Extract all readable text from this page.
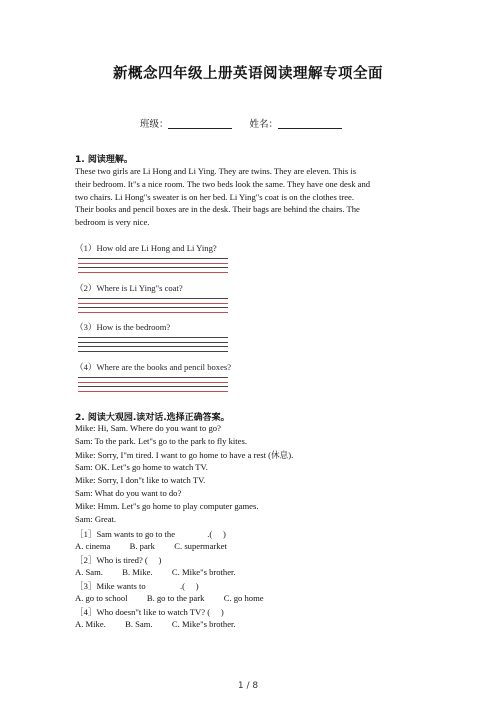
新概念四年级上册英语阅读理解专项全面
班级：	姓名：
1. 阅读理解。
These two girls are Li Hong and Li Ying. They are twins. They are eleven. This is
their bedroom. It"s a nice room. The two beds look the same. They have one desk and
two chairs. Li Hong"s sweater is on her bed. Li Ying"s coat is on the clothes tree.
Their books and pencil boxes are in the desk. Their bags are behind the chairs. The
bedroom is very nice.
（1）How old are Li Hong and Li Ying?
（2）Where is Li Ying"s coat?
（3）How is the bedroom?
（4）Where are the books and pencil boxes?
2. 阅读大观园.读对话.选择正确答案。
Mike: Hi, Sam. Where do you want to go?
Sam: To the park. Let"s go to the park to fly kites.
Mike: Sorry, I"m tired. I want to go home to have a rest (休息).
Sam: OK. Let"s go home to watch TV.
Mike: Sorry, I don"t like to watch TV.
Sam: What do you want to do?
Mike: Hmm. Let"s go home to play computer games.
Sam: Great.
［1］Sam wants to go to the               .(     )
A. cinema         B. park         C. supermarket
［2］Who is tired? (     )
A. Sam.         B. Mike.         C. Mike"s brother.
［3］Mike wants to                .(     )
A. go to school         B. go to the park         C. go home
［4］Who doesn"t like to watch TV? (     )
A. Mike.         B. Sam.         C. Mike"s brother.
1 / 8
